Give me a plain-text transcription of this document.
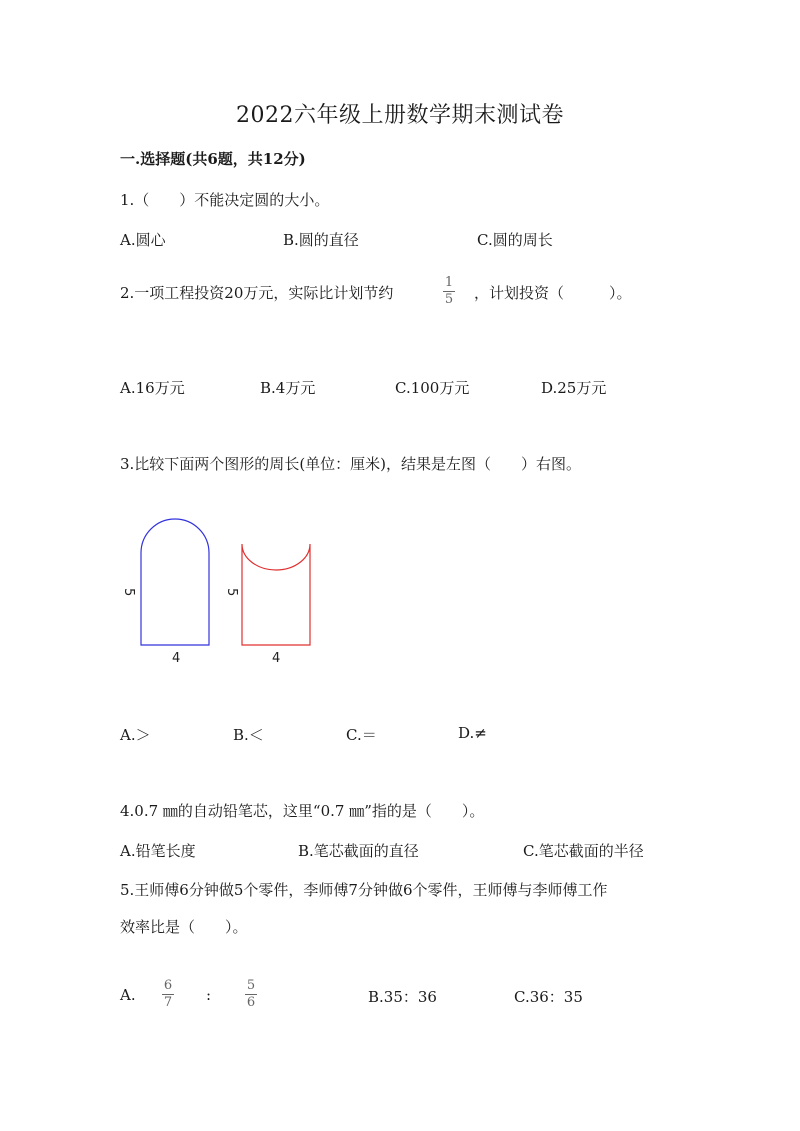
2022六年级上册数学期末测试卷
一.选择题(共6题，共12分)
1.（　　）不能决定圆的大小。
A.圆心	B.圆的直径	C.圆的周长
2.一项工程投资20万元，实际比计划节约
1
5 ，计划投资（　　　）。
A.16万元	B.4万元	C.100万元	D.25万元
3.比较下面两个图形的周长(单位：厘米)，结果是左图（　　）右图。
5
4
5
4
A.＞	B.＜	C.＝	D.≠
4.0.7 ㎜的自动铅笔芯，这里“0.7 ㎜”指的是（　　）。
A.铅笔长度	B.笔芯截面的直径	C.笔芯截面的半径
5.王师傅6分钟做5个零件，李师傅7分钟做6个零件，王师傅与李师傅工作
效率比是（　　）。
A.
6
7 :
5
6	B.35：36	C.36：35
